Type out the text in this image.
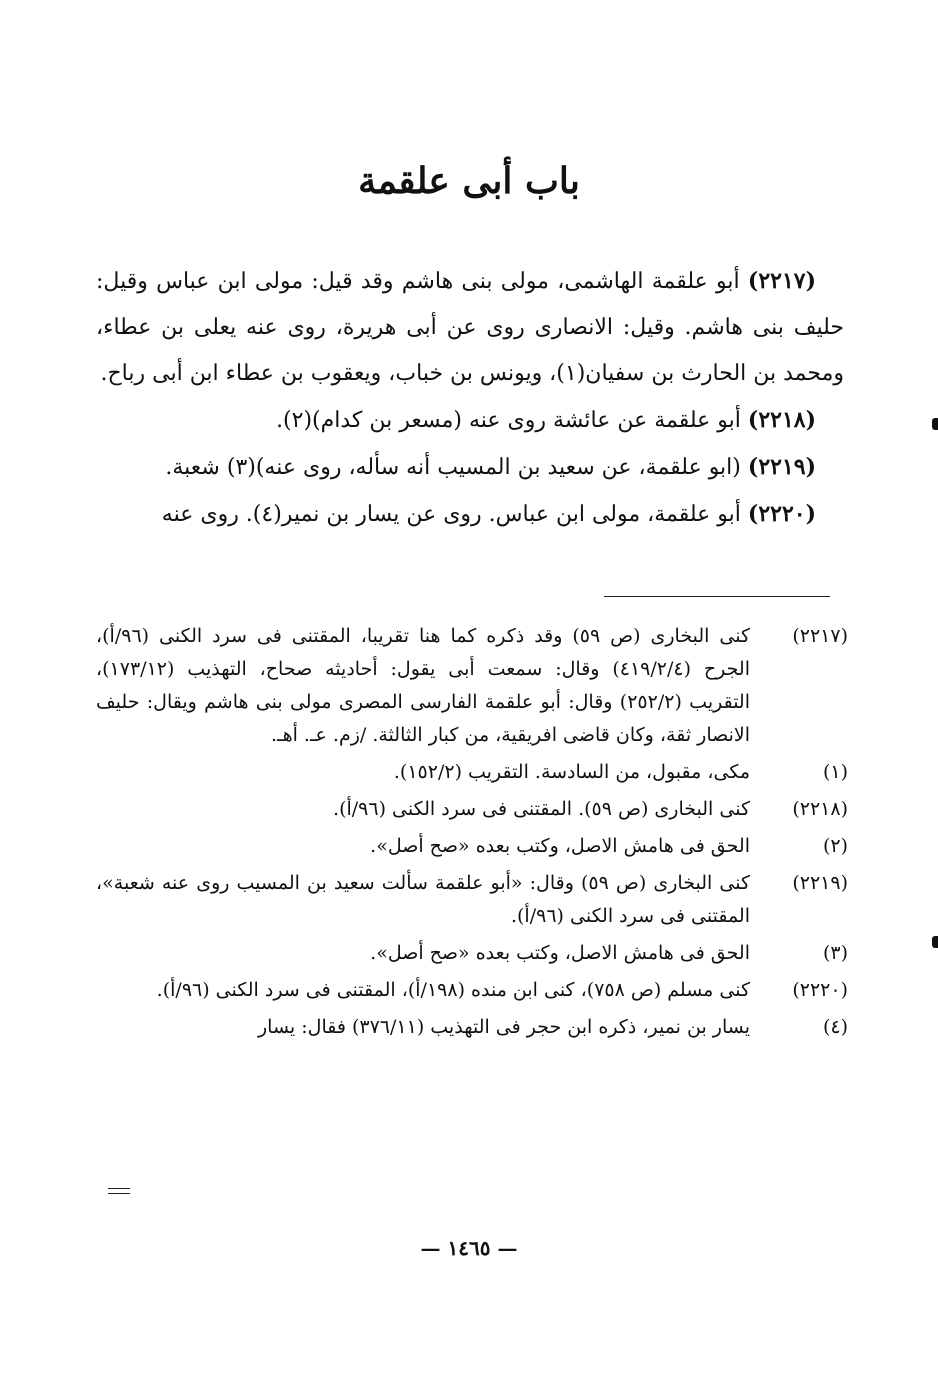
باب أبى علقمة

(٢٢١٧) أبو علقمة الهاشمى، مولى بنى هاشم وقد قيل: مولى ابن عباس وقيل: حليف بنى هاشم. وقيل: الانصارى روى عن أبى هريرة، روى عنه يعلى بن عطاء، ومحمد بن الحارث بن سفيان(١)، ويونس بن خباب، ويعقوب بن عطاء ابن أبى رباح.

(٢٢١٨) أبو علقمة عن عائشة روى عنه (مسعر بن كدام)(٢).

(٢٢١٩) (ابو علقمة، عن سعيد بن المسيب أنه سأله، روى عنه)(٣) شعبة.

(٢٢٢٠) أبو علقمة، مولى ابن عباس. روى عن يسار بن نمير(٤). روى عنه

(٢٢١٧)
كنى البخارى (ص ٥٩) وقد ذكره كما هنا تقريبا، المقتنى فى سرد الكنى (٩٦/أ)، الجرح (٤١٩/٢/٤) وقال: سمعت أبى يقول: أحاديثه صحاح، التهذيب (١٧٣/١٢)، التقريب (٢٥٢/٢) وقال: أبو علقمة الفارسى المصرى مولى بنى هاشم ويقال: حليف الانصار ثقة، وكان قاضى افريقية، من كبار الثالثة. /زم. عـ. أهـ.
(١)
مكى، مقبول، من السادسة. التقريب (١٥٢/٢).
(٢٢١٨)
كنى البخارى (ص ٥٩). المقتنى فى سرد الكنى (٩٦/أ).
(٢)
الحق فى هامش الاصل، وكتب بعده «صح أصل».
(٢٢١٩)
كنى البخارى (ص ٥٩) وقال: «أبو علقمة سألت سعيد بن المسيب روى عنه شعبة»، المقتنى فى سرد الكنى (٩٦/أ).
(٣)
الحق فى هامش الاصل، وكتب بعده «صح أصل».
(٢٢٢٠)
كنى مسلم (ص ٧٥٨)، كنى ابن منده (١٩٨/أ)، المقتنى فى سرد الكنى (٩٦/أ).
(٤)
يسار بن نمير، ذكره ابن حجر فى التهذيب (٣٧٦/١١) فقال: يسار
— ١٤٦٥ —
